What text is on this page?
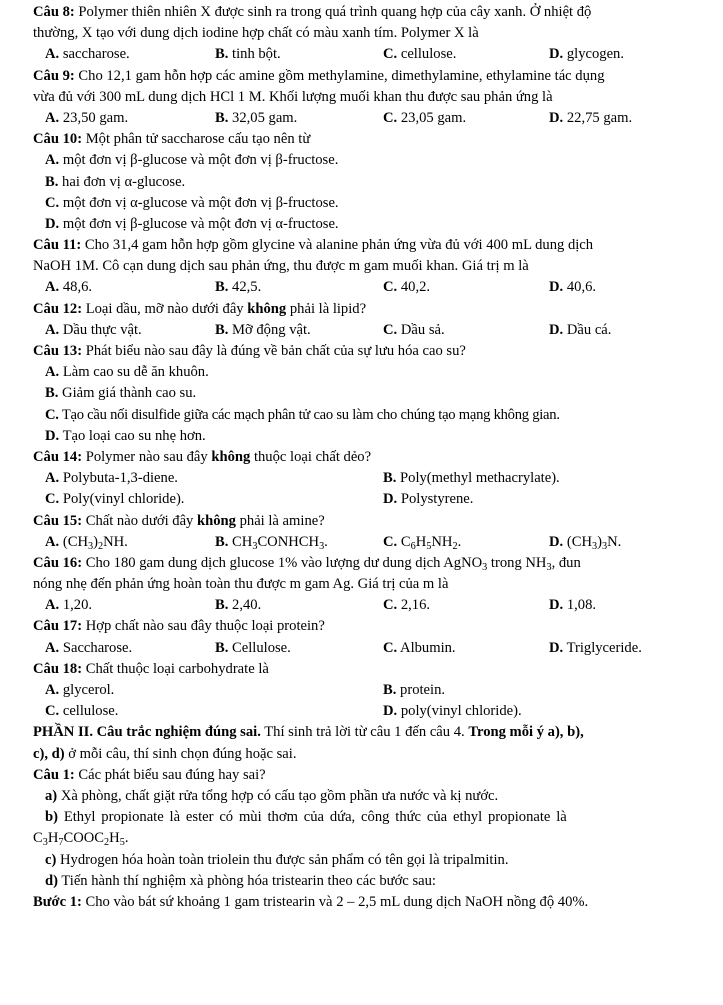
Câu 8: Polymer thiên nhiên X được sinh ra trong quá trình quang hợp của cây xanh. Ở nhiệt độ
thường, X tạo với dung dịch iodine hợp chất có màu xanh tím. Polymer X là
A. saccharose.	B. tinh bột.	C. cellulose.	D. glycogen.
Câu 9: Cho 12,1 gam hỗn hợp các amine gồm methylamine, dimethylamine, ethylamine tác dụng
vừa đủ với 300 mL dung dịch HCl 1 M. Khối lượng muối khan thu được sau phản ứng là
A. 23,50 gam.	B. 32,05 gam.	C. 23,05 gam.	D. 22,75 gam.
Câu 10: Một phân tử saccharose cấu tạo nên từ
A. một đơn vị β-glucose và một đơn vị β-fructose.
B. hai đơn vị α-glucose.
C. một đơn vị α-glucose và một đơn vị β-fructose.
D. một đơn vị β-glucose và một đơn vị α-fructose.
Câu 11: Cho 31,4 gam hỗn hợp gồm glycine và alanine phản ứng vừa đủ với 400 mL dung dịch
NaOH 1M. Cô cạn dung dịch sau phản ứng, thu được m gam muối khan. Giá trị m là
A. 48,6.	B. 42,5.	C. 40,2.	D. 40,6.
Câu 12: Loại dầu, mỡ nào dưới đây không phải là lipid?
A. Dầu thực vật.	B. Mỡ động vật.	C. Dầu sả.	D. Dầu cá.
Câu 13: Phát biểu nào sau đây là đúng về bản chất của sự lưu hóa cao su?
A. Làm cao su dễ ăn khuôn.
B. Giảm giá thành cao su.
C. Tạo cầu nối disulfide giữa các mạch phân tử cao su làm cho chúng tạo mạng không gian.
D. Tạo loại cao su nhẹ hơn.
Câu 14: Polymer nào sau đây không thuộc loại chất dẻo?
A. Polybuta-1,3-diene.	B. Poly(methyl methacrylate).
C. Poly(vinyl chloride).	D. Polystyrene.
Câu 15: Chất nào dưới đây không phải là amine?
A. $(CH_3)_2NH$.	B. $CH_3CONHCH_3$.	C. $C_6H_5NH_2$.	D. $(CH_3)_3N$.
Câu 16: Cho 180 gam dung dịch glucose 1% vào lượng dư dung dịch AgNO$_3$ trong $NH_3$, đun
nóng nhẹ đến phản ứng hoàn toàn thu được m gam Ag. Giá trị của m là
A. 1,20.	B. 2,40.	C. 2,16.	D. 1,08.
Câu 17: Hợp chất nào sau đây thuộc loại protein?
A. Saccharose.	B. Cellulose.	C. Albumin.	D. Triglyceride.
Câu 18: Chất thuộc loại carbohydrate là
A. glycerol.	B. protein.
C. cellulose.	D. poly(vinyl chloride).
PHẦN II. Câu trắc nghiệm đúng sai. Thí sinh trả lời từ câu 1 đến câu 4. Trong mỗi ý a), b),
c), d) ở mỗi câu, thí sinh chọn đúng hoặc sai.
Câu 1: Các phát biểu sau đúng hay sai?
a) Xà phòng, chất giặt rửa tổng hợp có cấu tạo gồm phần ưa nước và kị nước.
b) Ethyl propionate là ester có mùi thơm của dứa, công thức của ethyl propionate là
$C_3H_7COOC_2H_5$.
c) Hydrogen hóa hoàn toàn triolein thu được sản phẩm có tên gọi là tripalmitin.
d) Tiến hành thí nghiệm xà phòng hóa tristearin theo các bước sau:
Bước 1: Cho vào bát sứ khoảng 1 gam tristearin và 2 – 2,5 mL dung dịch NaOH nồng độ 40%.
